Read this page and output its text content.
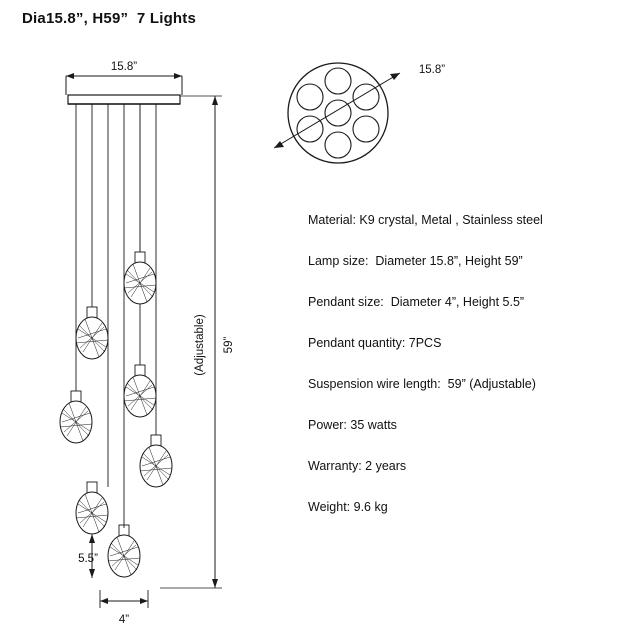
Dia15.8”, H59”  7 Lights
15.8”	15.8”
59”
(Adjustable)
5.5”
4”
Material: K9 crystal, Metal , Stainless steel
Lamp size:  Diameter 15.8”, Height 59”
Pendant size:  Diameter 4”, Height 5.5”
Pendant quantity: 7PCS
Suspension wire length:  59” (Adjustable)
Power: 35 watts
Warranty: 2 years
Weight: 9.6 kg
